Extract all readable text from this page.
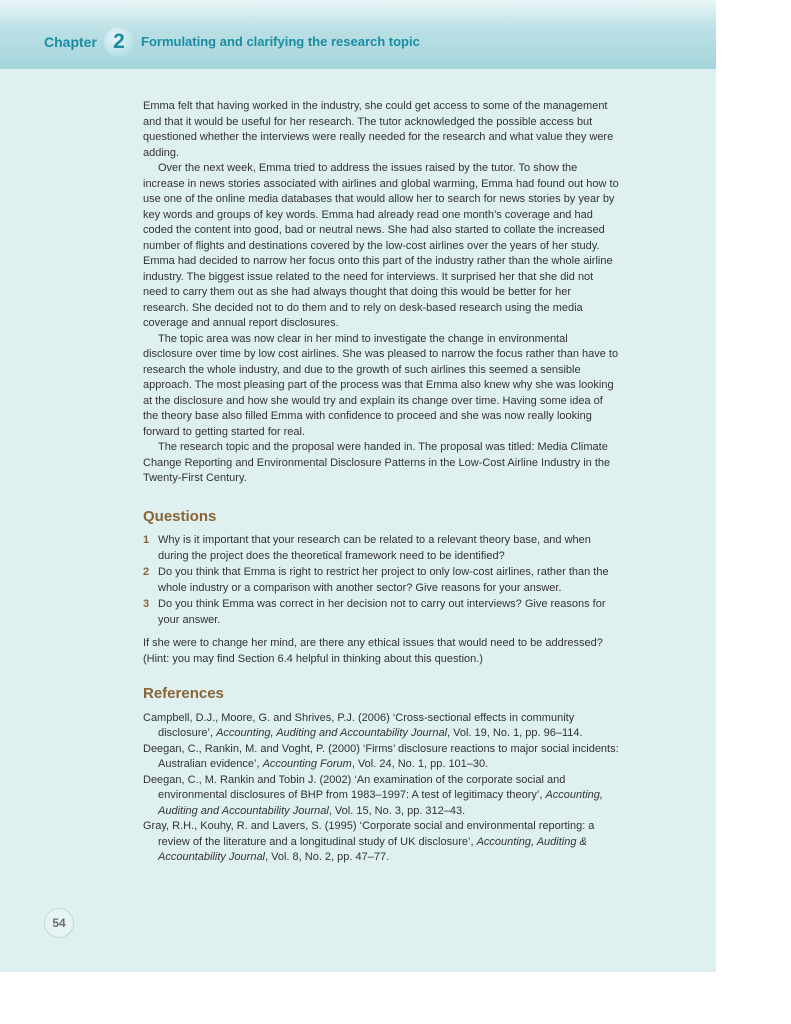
Chapter 2	Formulating and clarifying the research topic

Emma felt that having worked in the industry, she could get access to some of the management and that it would be useful for her research. The tutor acknowledged the possible access but questioned whether the interviews were really needed for the research and what value they were adding.

Over the next week, Emma tried to address the issues raised by the tutor. To show the increase in news stories associated with airlines and global warming, Emma had found out how to use one of the online media databases that would allow her to search for news stories by year by key words and groups of key words. Emma had already read one month’s coverage and had coded the content into good, bad or neutral news. She had also started to collate the increased number of flights and destinations covered by the low-cost airlines over the years of her study. Emma had decided to narrow her focus onto this part of the industry rather than the whole airline industry. The biggest issue related to the need for interviews. It surprised her that she did not need to carry them out as she had always thought that doing this would be better for her research. She decided not to do them and to rely on desk-based research using the media coverage and annual report disclosures.

The topic area was now clear in her mind to investigate the change in environmental disclosure over time by low cost airlines. She was pleased to narrow the focus rather than have to research the whole industry, and due to the growth of such airlines this seemed a sensible approach. The most pleasing part of the process was that Emma also knew why she was looking at the disclosure and how she would try and explain its change over time. Having some idea of the theory base also filled Emma with confidence to proceed and she was now really looking forward to getting started for real.

The research topic and the proposal were handed in. The proposal was titled: Media Climate Change Reporting and Environmental Disclosure Patterns in the Low-Cost Airline Industry in the Twenty-First Century.

Questions
1 Why is it important that your research can be related to a relevant theory base, and when during the project does the theoretical framework need to be identified?
2 Do you think that Emma is right to restrict her project to only low-cost airlines, rather than the whole industry or a comparison with another sector? Give reasons for your answer.
3 Do you think Emma was correct in her decision not to carry out interviews? Give reasons for your answer.

If she were to change her mind, are there any ethical issues that would need to be addressed? (Hint: you may find Section 6.4 helpful in thinking about this question.)

References

Campbell, D.J., Moore, G. and Shrives, P.J. (2006) ‘Cross-sectional effects in community disclosure’, Accounting, Auditing and Accountability Journal, Vol. 19, No. 1, pp. 96–114.

Deegan, C., Rankin, M. and Voght, P. (2000) ‘Firms’ disclosure reactions to major social incidents: Australian evidence’, Accounting Forum, Vol. 24, No. 1, pp. 101–30.

Deegan, C., M. Rankin and Tobin J. (2002) ‘An examination of the corporate social and environmental disclosures of BHP from 1983–1997: A test of legitimacy theory’, Accounting, Auditing and Accountability Journal, Vol. 15, No. 3, pp. 312–43.

Gray, R.H., Kouhy, R. and Lavers, S. (1995) ‘Corporate social and environmental reporting: a review of the literature and a longitudinal study of UK disclosure’, Accounting, Auditing & Accountability Journal, Vol. 8, No. 2, pp. 47–77.

54
